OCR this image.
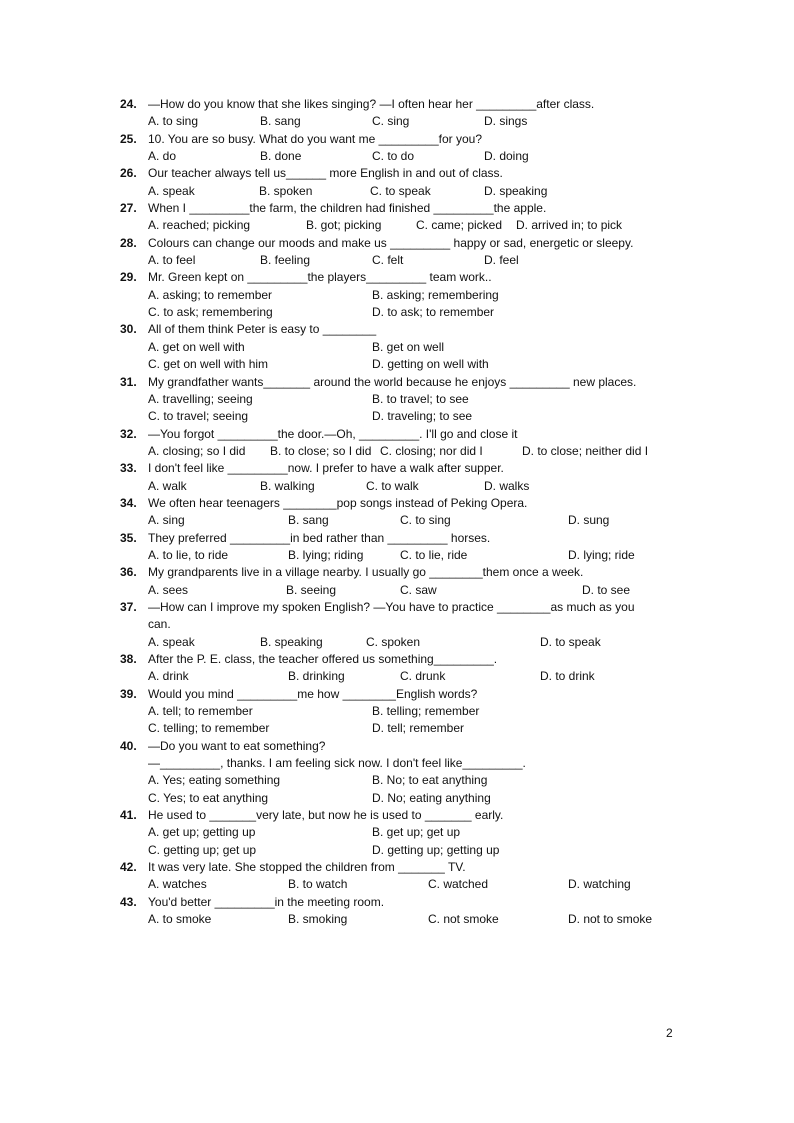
24. —How do you know that she likes singing? —I often hear her _________after class.
A. to sing	B. sang	C. sing	D. sings
25. 10. You are so busy. What do you want me _________for you?
A. do	B. done	C. to do	D. doing
26. Our teacher always tell us______ more English in and out of class.
A. speak	B. spoken	C. to speak	D. speaking
27. When I _________the farm, the children had finished _________the apple.
A. reached; picking	B. got; picking	C. came; picked D. arrived in; to pick
28. Colours can change our moods and make us _________ happy or sad, energetic or sleepy.
A. to feel	B. feeling	C. felt	D. feel
29. Mr. Green kept on _________the players_________ team work..
A. asking; to remember	B. asking; remembering
C. to ask; remembering	D. to ask; to remember
30. All of them think Peter is easy to ________
A. get on well with	B. get on well
C. get on well with him	D. getting on well with
31. My grandfather wants_______ around the world because he enjoys _________ new places.
A. travelling; seeing	B. to travel; to see
C. to travel; seeing	D. traveling; to see
32. —You forgot _________the door.—Oh, _________. I'll go and close it
A. closing; so I did B. to close; so I did C. closing; nor did I	D. to close; neither did I
33. I don't feel like _________now. I prefer to have a walk after supper.
A. walk	B. walking	C. to walk	D. walks
34. We often hear teenagers ________pop songs instead of Peking Opera.
A. sing	B. sang	C. to sing	D. sung
35. They preferred _________in bed rather than _________ horses.
A. to lie, to ride	B. lying; riding	C. to lie, ride	D. lying; ride
36. My grandparents live in a village nearby. I usually go ________them once a week.
A. sees	B. seeing	C. saw	D. to see
37. —How can I improve my spoken English? —You have to practice ________as much as you
can.
A. speak	B. speaking	C. spoken	D. to speak
38. After the P. E. class, the teacher offered us something_________.
A. drink	B. drinking	C. drunk	D. to drink
39. Would you mind _________me how ________English words?
A. tell; to remember	B. telling; remember
C. telling; to remember	D. tell; remember
40. —Do you want to eat something?
—_________, thanks. I am feeling sick now. I don't feel like_________.
A. Yes; eating something	B. No; to eat anything
C. Yes; to eat anything	D. No; eating anything
41. He used to _______very late, but now he is used to _______ early.
A. get up; getting up	B. get up; get up
C. getting up; get up	D. getting up; getting up
42. It was very late. She stopped the children from _______ TV.
A. watches	B. to watch	C. watched	D. watching
43. You'd better _________in the meeting room.
A. to smoke	B. smoking	C. not smoke	D. not to smoke
2
